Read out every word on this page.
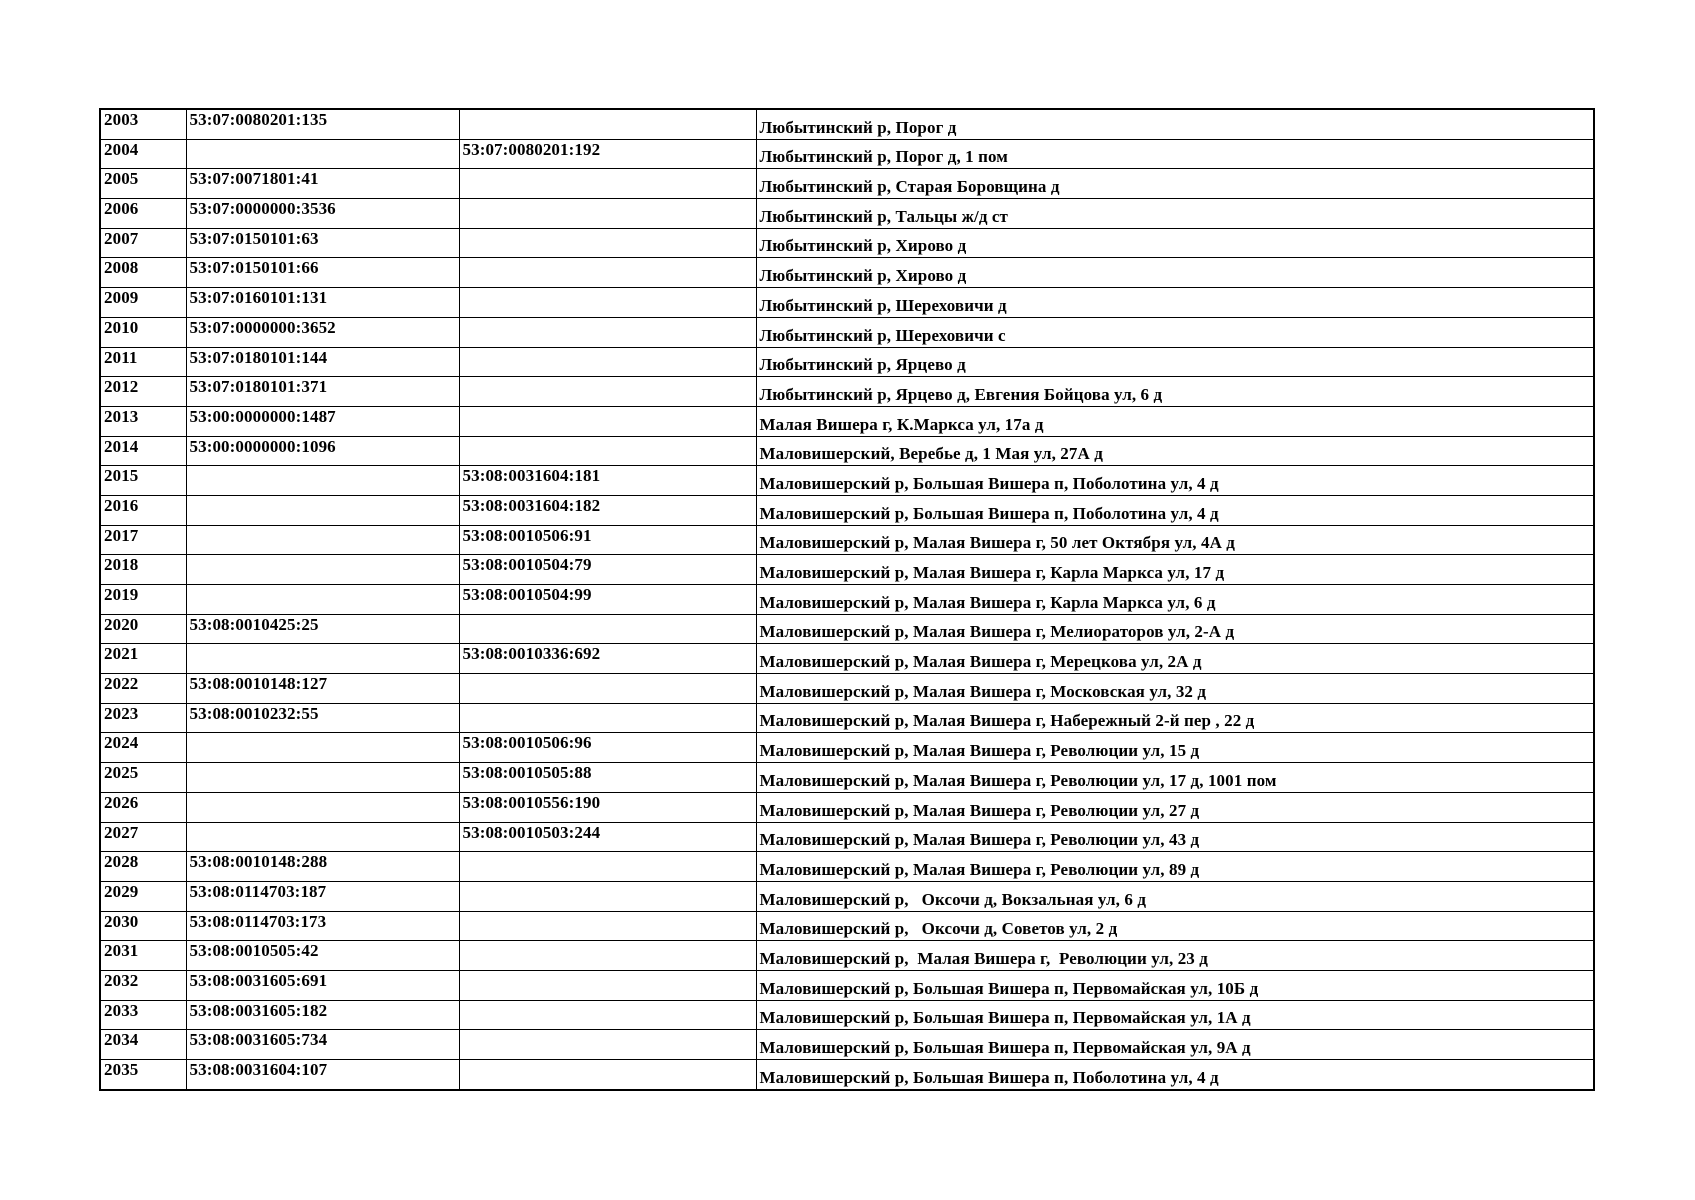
2003	53:07:0080201:135		Любытинский р, Порог д
2004		53:07:0080201:192	Любытинский р, Порог д, 1 пом
2005	53:07:0071801:41		Любытинский р, Старая Боровщина д
2006	53:07:0000000:3536		Любытинский р, Тальцы ж/д ст
2007	53:07:0150101:63		Любытинский р, Хирово д
2008	53:07:0150101:66		Любытинский р, Хирово д
2009	53:07:0160101:131		Любытинский р, Шереховичи д
2010	53:07:0000000:3652		Любытинский р, Шереховичи с
2011	53:07:0180101:144		Любытинский р, Ярцево д
2012	53:07:0180101:371		Любытинский р, Ярцево д, Евгения Бойцова ул, 6 д
2013	53:00:0000000:1487		Малая Вишера г, К.Маркса ул, 17а д
2014	53:00:0000000:1096		Маловишерский, Веребье д, 1 Мая ул, 27А д
2015		53:08:0031604:181	Маловишерский р, Большая Вишера п, Поболотина ул, 4 д
2016		53:08:0031604:182	Маловишерский р, Большая Вишера п, Поболотина ул, 4 д
2017		53:08:0010506:91	Маловишерский р, Малая Вишера г, 50 лет Октября ул, 4А д
2018		53:08:0010504:79	Маловишерский р, Малая Вишера г, Карла Маркса ул, 17 д
2019		53:08:0010504:99	Маловишерский р, Малая Вишера г, Карла Маркса ул, 6 д
2020	53:08:0010425:25		Маловишерский р, Малая Вишера г, Мелиораторов ул, 2-А д
2021		53:08:0010336:692	Маловишерский р, Малая Вишера г, Мерецкова ул, 2А д
2022	53:08:0010148:127		Маловишерский р, Малая Вишера г, Московская ул, 32 д
2023	53:08:0010232:55		Маловишерский р, Малая Вишера г, Набережный 2-й пер , 22 д
2024		53:08:0010506:96	Маловишерский р, Малая Вишера г, Революции ул, 15 д
2025		53:08:0010505:88	Маловишерский р, Малая Вишера г, Революции ул, 17 д, 1001 пом
2026		53:08:0010556:190	Маловишерский р, Малая Вишера г, Революции ул, 27 д
2027		53:08:0010503:244	Маловишерский р, Малая Вишера г, Революции ул, 43 д
2028	53:08:0010148:288		Маловишерский р, Малая Вишера г, Революции ул, 89 д
2029	53:08:0114703:187		Маловишерский р,   Оксочи д, Вокзальная ул, 6 д
2030	53:08:0114703:173		Маловишерский р,   Оксочи д, Советов ул, 2 д
2031	53:08:0010505:42		Маловишерский р,  Малая Вишера г,  Революции ул, 23 д
2032	53:08:0031605:691		Маловишерский р, Большая Вишера п, Первомайская ул, 10Б д
2033	53:08:0031605:182		Маловишерский р, Большая Вишера п, Первомайская ул, 1А д
2034	53:08:0031605:734		Маловишерский р, Большая Вишера п, Первомайская ул, 9А д
2035	53:08:0031604:107		Маловишерский р, Большая Вишера п, Поболотина ул, 4 д
